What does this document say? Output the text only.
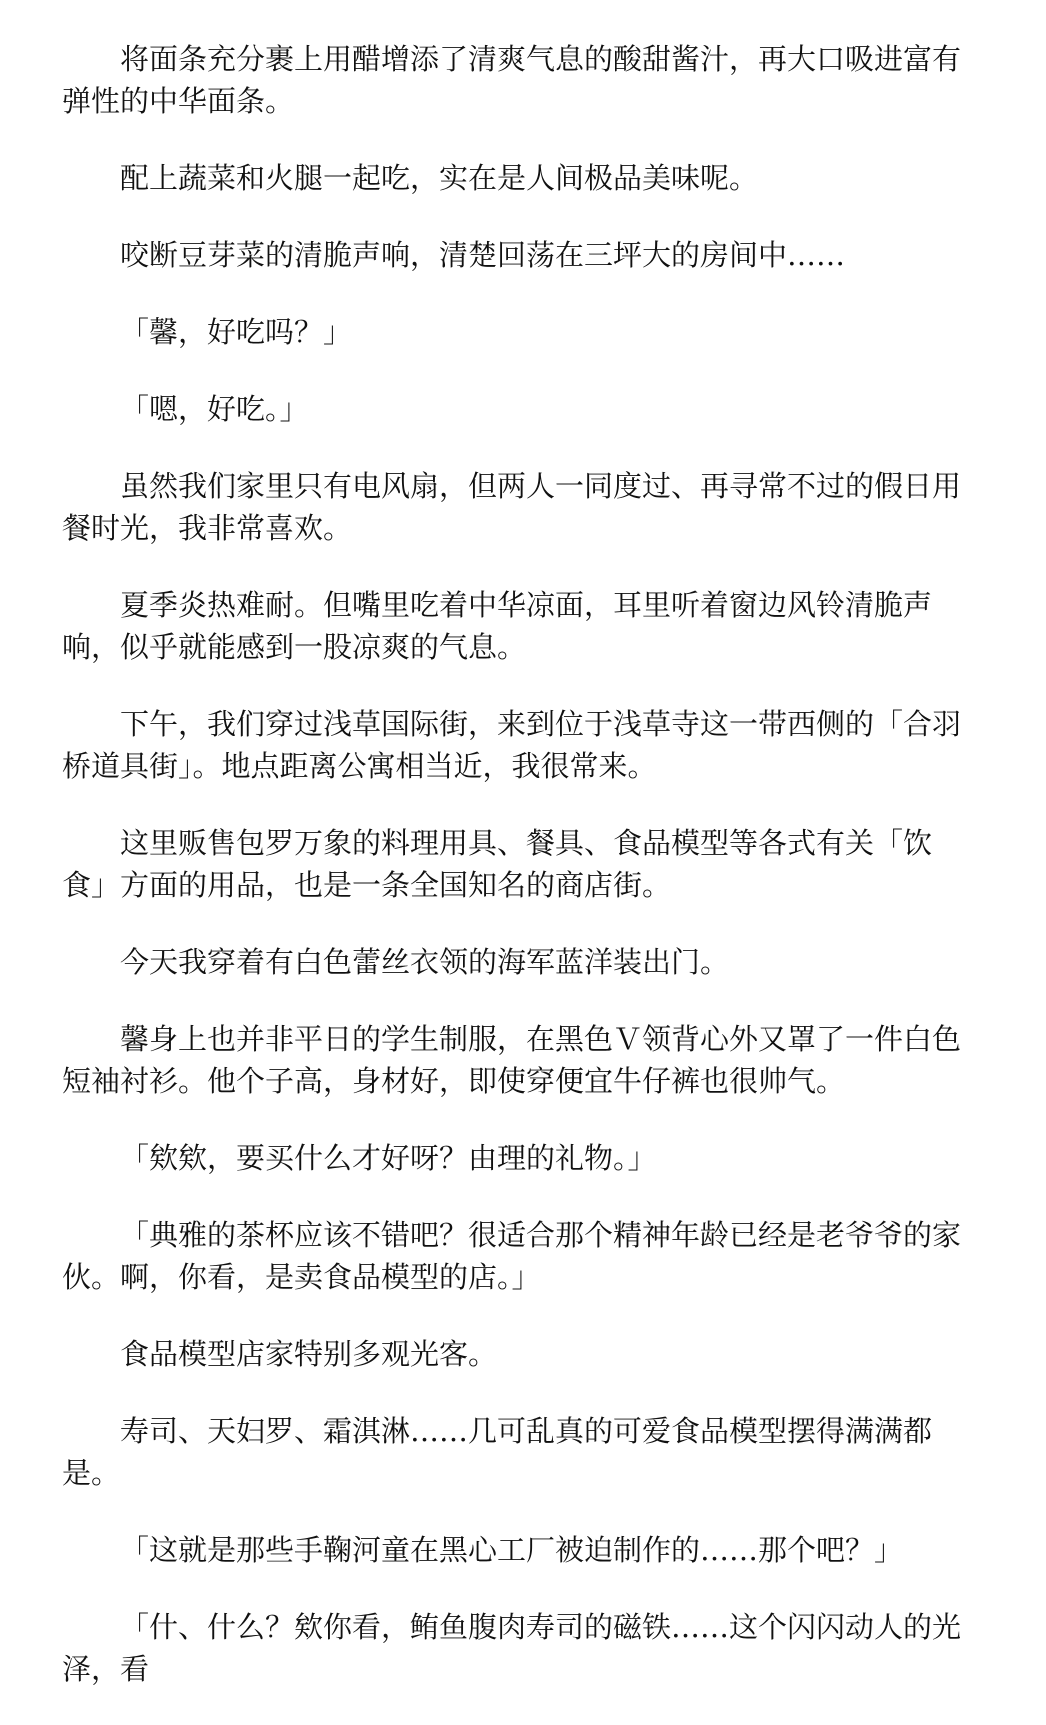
将面条充分裹上用醋增添了清爽气息的酸甜酱汁，再大口吸进富有弹性的中华面条。

配上蔬菜和火腿一起吃，实在是人间极品美味呢。

咬断豆芽菜的清脆声响，清楚回荡在三坪大的房间中……

「馨，好吃吗？」

「嗯，好吃。」

虽然我们家里只有电风扇，但两人一同度过、再寻常不过的假日用餐时光，我非常喜欢。

夏季炎热难耐。但嘴里吃着中华凉面，耳里听着窗边风铃清脆声响，似乎就能感到一股凉爽的气息。

下午，我们穿过浅草国际街，来到位于浅草寺这一带西侧的「合羽桥道具街」。地点距离公寓相当近，我很常来。

这里贩售包罗万象的料理用具、餐具、食品模型等各式有关「饮食」方面的用品，也是一条全国知名的商店街。

今天我穿着有白色蕾丝衣领的海军蓝洋装出门。

馨身上也并非平日的学生制服，在黑色Ｖ领背心外又罩了一件白色短袖衬衫。他个子高，身材好，即使穿便宜牛仔裤也很帅气。

「欸欸，要买什么才好呀？由理的礼物。」

「典雅的茶杯应该不错吧？很适合那个精神年龄已经是老爷爷的家伙。啊，你看，是卖食品模型的店。」

食品模型店家特别多观光客。

寿司、天妇罗、霜淇淋……几可乱真的可爱食品模型摆得满满都是。

「这就是那些手鞠河童在黑心工厂被迫制作的……那个吧？」

「什、什么？欸你看，鲔鱼腹肉寿司的磁铁……这个闪闪动人的光泽，看
